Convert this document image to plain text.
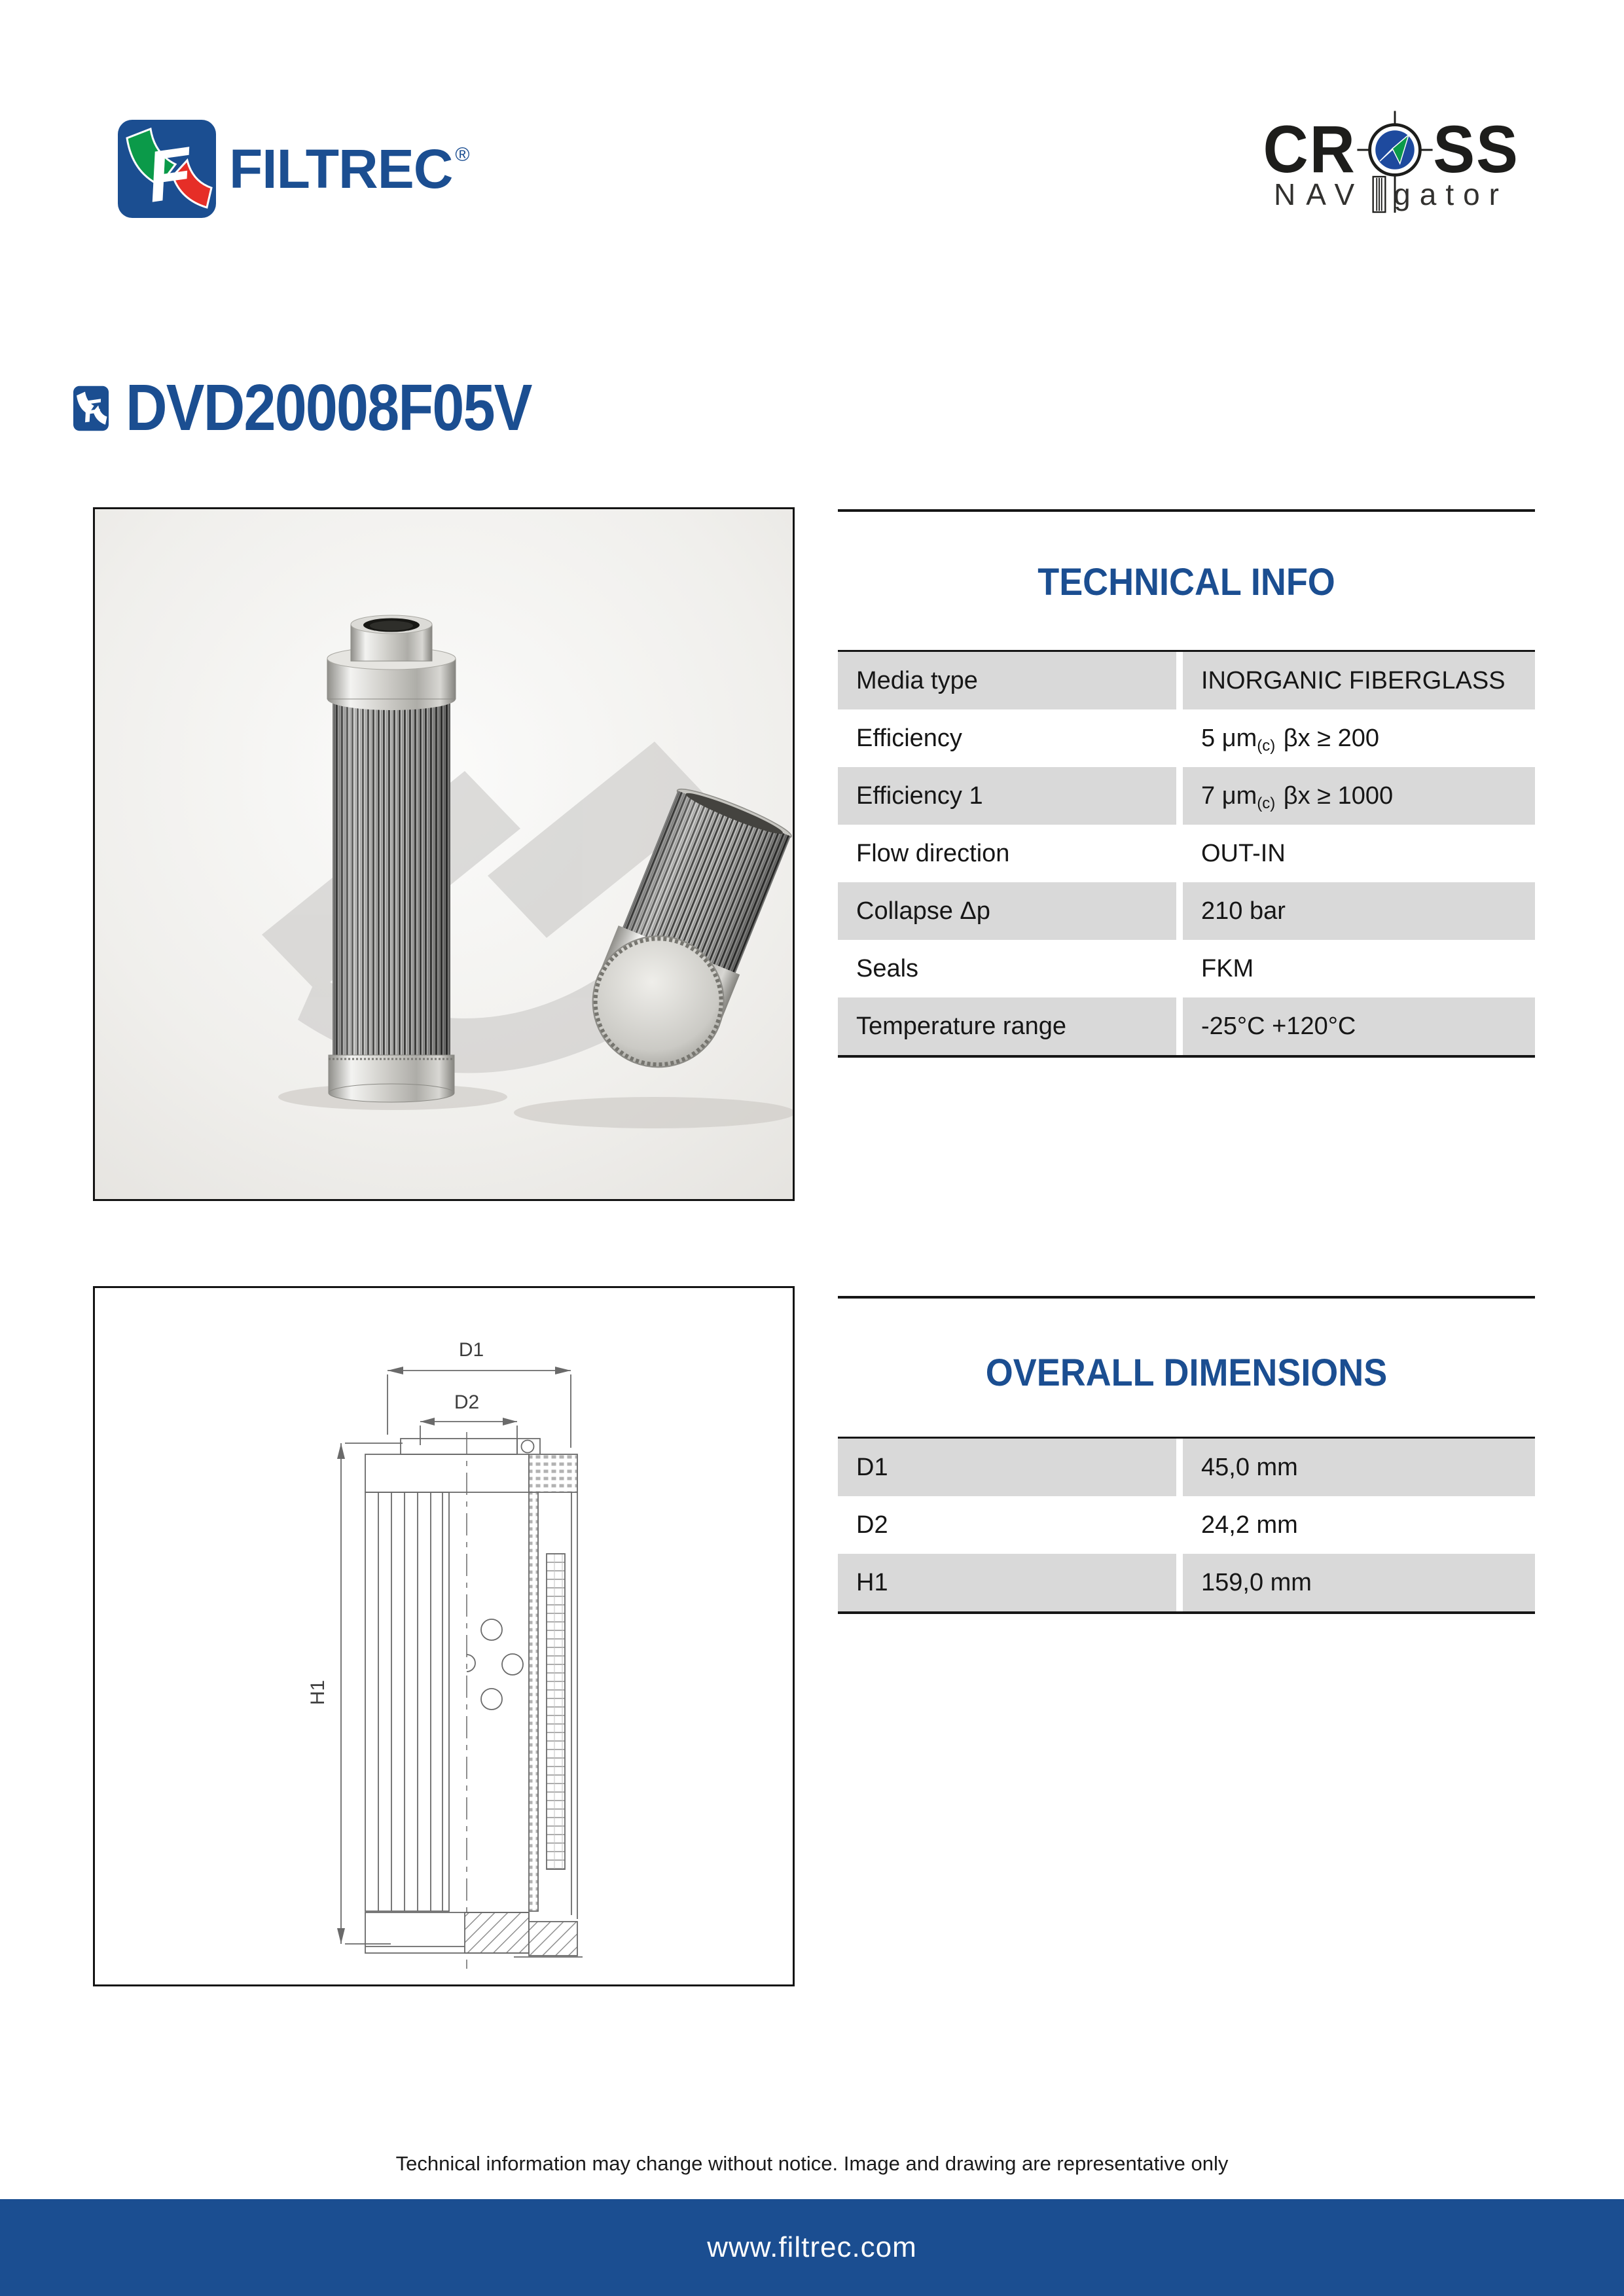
F FILTREC ®	CR SS
NAV gator
F DVD20008F05V
TECHNICAL INFO
Media type	INORGANIC FIBERGLASS
Efficiency	5 $\mu m_{(c)}$ βx ≥ 200
Efficiency 1	7 $\mu m_{(c)}$ βx ≥ 1000
Flow direction	OUT-IN
Collapse Δp	210 bar
Seals	FKM
Temperature range	-25°C +120°C
D1
D2
H1
OVERALL DIMENSIONS
D1	45,0 mm
D2	24,2 mm
H1	159,0 mm
Technical information may change without notice. Image and drawing are representative only
www.filtrec.com
